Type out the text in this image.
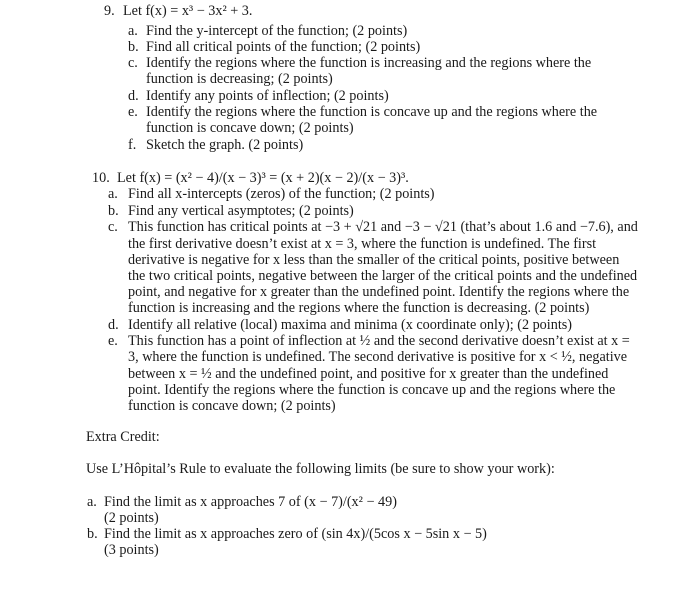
9. Let f(x) = x³ − 3x² + 3.
a. Find the y-intercept of the function; (2 points)
b. Find all critical points of the function; (2 points)
c. Identify the regions where the function is increasing and the regions where the
function is decreasing; (2 points)
d. Identify any points of inflection; (2 points)
e. Identify the regions where the function is concave up and the regions where the
function is concave down; (2 points)
f. Sketch the graph. (2 points)
10. Let f(x) = (x² − 4)/(x − 3)³ = (x + 2)(x − 2)/(x − 3)³.
a. Find all x-intercepts (zeros) of the function; (2 points)
b. Find any vertical asymptotes; (2 points)
c. This function has critical points at −3 + √21 and −3 − √21 (that’s about 1.6 and −7.6), and
the first derivative doesn’t exist at x = 3, where the function is undefined. The first
derivative is negative for x less than the smaller of the critical points, positive between
the two critical points, negative between the larger of the critical points and the undefined
point, and negative for x greater than the undefined point. Identify the regions where the
function is increasing and the regions where the function is decreasing. (2 points)
d. Identify all relative (local) maxima and minima (x coordinate only); (2 points)
e. This function has a point of inflection at ½ and the second derivative doesn’t exist at x =
3, where the function is undefined. The second derivative is positive for x < ½, negative
between x = ½ and the undefined point, and positive for x greater than the undefined
point. Identify the regions where the function is concave up and the regions where the
function is concave down; (2 points)
Extra Credit:
Use L’Hôpital’s Rule to evaluate the following limits (be sure to show your work):
a. Find the limit as x approaches 7 of (x − 7)/(x² − 49)
(2 points)
b. Find the limit as x approaches zero of (sin 4x)/(5cos x − 5sin x − 5)
(3 points)
